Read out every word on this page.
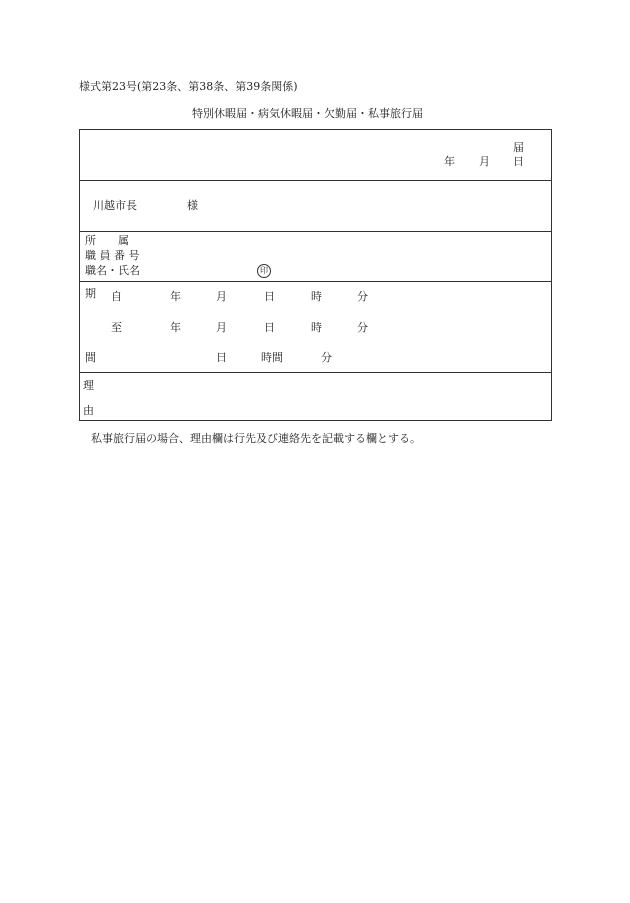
様式第23号(第23条、第38条、第39条関係)
特別休暇届・病気休暇届・欠勤届・私事旅行届
届
年 月 日
川越市長	様
所　　属
職 員 番 号
職名・氏名	印
期
間
自	年	月	日	時	分
至	年	月	日	時	分
日	時間	分
理
由
私事旅行届の場合、理由欄は行先及び連絡先を記載する欄とする。
